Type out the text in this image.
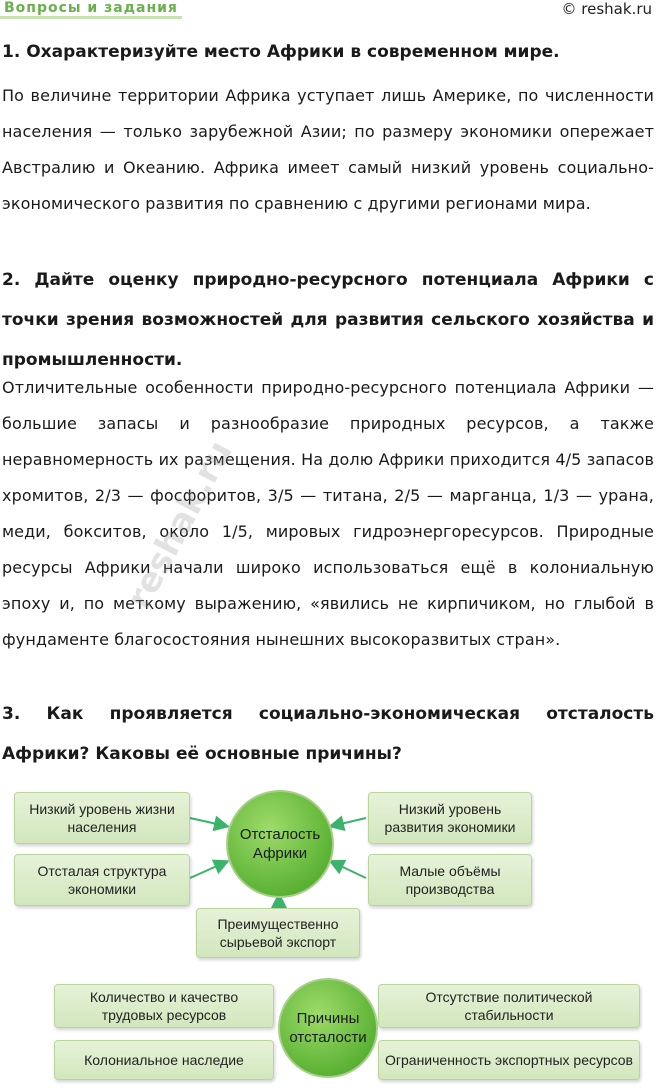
Вопросы и задания	© reshak.ru

1. Охарактеризуйте место Африки в современном мире.

По величине территории Африка уступает лишь Америке, по численности населения — только зарубежной Азии; по размеру экономики опережает Австралию и Океанию. Африка имеет самый низкий уровень социально-экономического развития по сравнению с другими регионами мира.

2. Дайте оценку природно-ресурсного потенциала Африки с точки зрения возможностей для развития сельского хозяйства и промышленности.

Отличительные особенности природно-ресурсного потенциала Африки — большие запасы и разнообразие природных ресурсов, а также неравномерность их размещения. На долю Африки приходится 4/5 запасов хромитов, 2/3 — фосфоритов, 3/5 — титана, 2/5 — марганца, 1/3 — урана, меди, бокситов, около 1/5, мировых гидроэнергоресурсов. Природные ресурсы Африки начали широко использоваться ещё в колониальную эпоху и, по меткому выражению, «явились не кирпичиком, но глыбой в фундаменте благосостояния нынешних высокоразвитых стран».

3. Как проявляется социально-экономическая отсталость Африки? Каковы её основные причины?

reshak.ru
Низкий уровень жизни населения
Отсталая структура экономики
Отсталость Африки
Низкий уровень развития экономики
Малые объёмы производства
Преимущественно сырьевой экспорт
Количество и качество трудовых ресурсов
Колониальное наследие
Причины отсталости
Отсутствие политической стабильности
Ограниченность экспортных ресурсов
